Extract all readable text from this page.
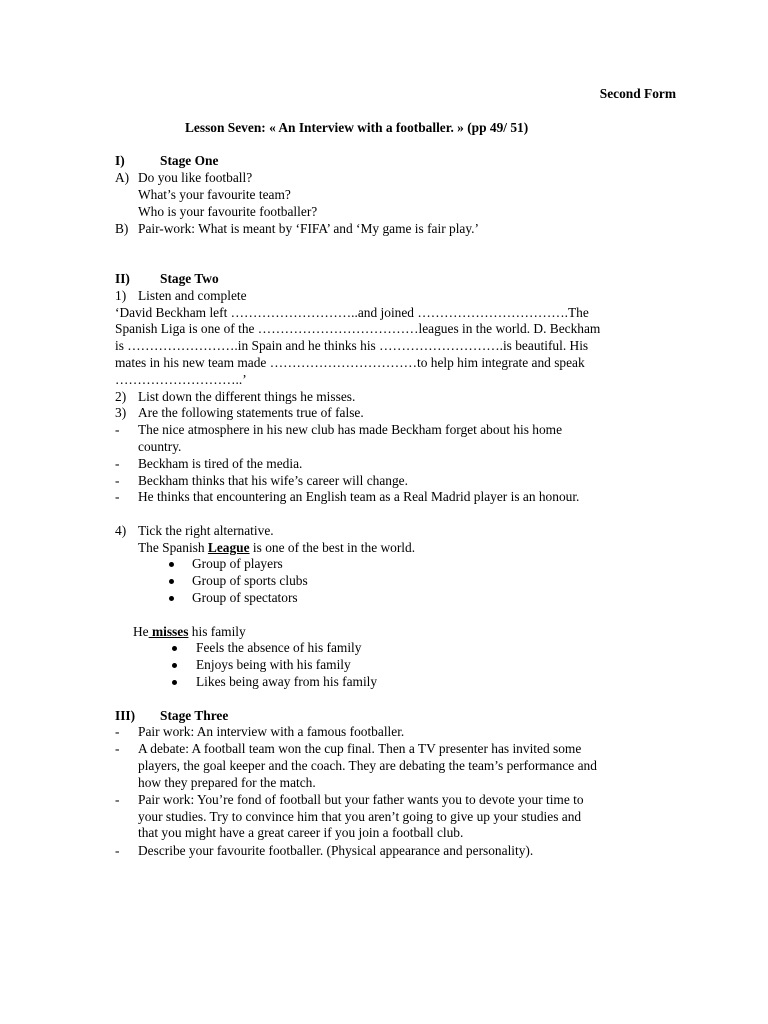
Second Form
Lesson Seven: « An Interview with a footballer. » (pp 49/ 51)
I)	Stage One
A) Do you like football?
What’s your favourite team?
Who is your favourite footballer?
B) Pair-work: What is meant by ‘FIFA’ and ‘My game is fair play.’
II) Stage Two
1) Listen and complete
‘David Beckham left ………………………..and joined …………………………….The
Spanish Liga is one of the ………………………………leagues in the world. D. Beckham
is …………………….in Spain and he thinks his ……………………….is beautiful. His
mates in his new team made ……………………………to help him integrate and speak
………………………..’
2) List down the different things he misses.
3) Are the following statements true of false.
- The nice atmosphere in his new club has made Beckham forget about his home
country.
- Beckham is tired of the media.
- Beckham thinks that his wife’s career will change.
- He thinks that encountering an English team as a Real Madrid player is an honour.
4) Tick the right alternative.
The Spanish League is one of the best in the world.
Group of players
Group of sports clubs
Group of spectators
He misses his family
Feels the absence of his family
Enjoys being with his family
Likes being away from his family
III) Stage Three
- Pair work: An interview with a famous footballer.
- A debate: A football team won the cup final. Then a TV presenter has invited some
players, the goal keeper and the coach. They are debating the team’s performance and
how they prepared for the match.
- Pair work: You’re fond of football but your father wants you to devote your time to
your studies. Try to convince him that you aren’t going to give up your studies and
that you might have a great career if you join a football club.
- Describe your favourite footballer. (Physical appearance and personality).
